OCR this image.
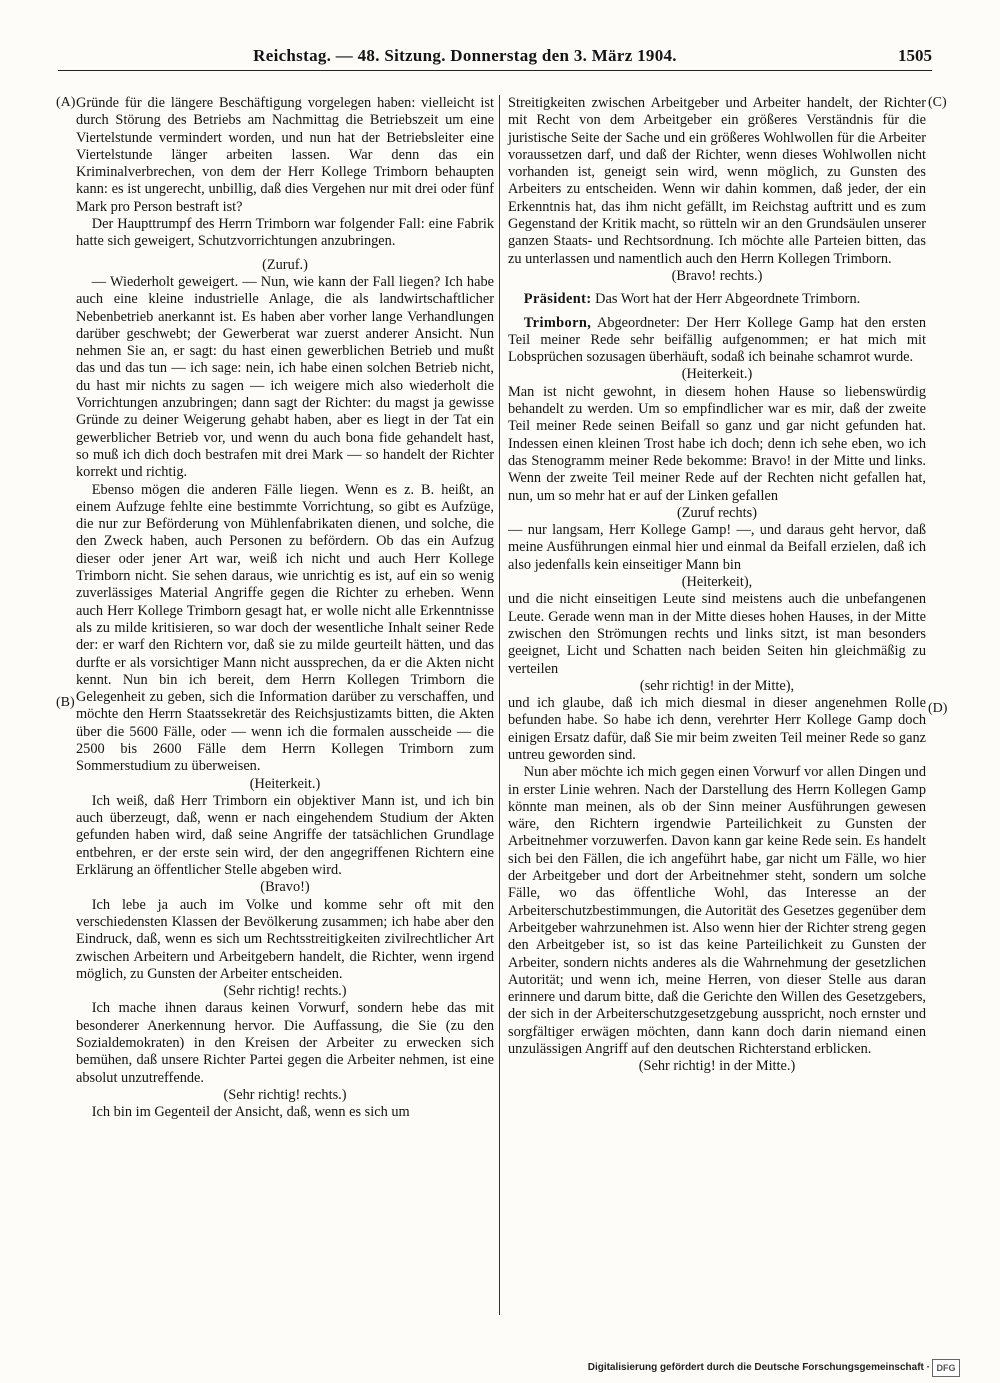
Reichstag. — 48. Sitzung. Donnerstag den 3. März 1904.	1505
(A)
(B)
(C)
(D)

Gründe für die längere Beschäftigung vorgelegen haben: vielleicht ist durch Störung des Betriebs am Nachmittag die Betriebszeit um eine Viertelstunde vermindert worden, und nun hat der Betriebsleiter eine Viertelstunde länger arbeiten lassen. War denn das ein Kriminalverbrechen, von dem der Herr Kollege Trimborn behaupten kann: es ist ungerecht, unbillig, daß dies Vergehen nur mit drei oder fünf Mark pro Person bestraft ist?

Der Haupttrumpf des Herrn Trimborn war folgender Fall: eine Fabrik hatte sich geweigert, Schutzvorrichtungen anzubringen.

(Zuruf.)

— Wiederholt geweigert. — Nun, wie kann der Fall liegen? Ich habe auch eine kleine industrielle Anlage, die als landwirtschaftlicher Nebenbetrieb anerkannt ist. Es haben aber vorher lange Verhandlungen darüber geschwebt; der Gewerberat war zuerst anderer Ansicht. Nun nehmen Sie an, er sagt: du hast einen gewerblichen Betrieb und mußt das und das tun — ich sage: nein, ich habe einen solchen Betrieb nicht, du hast mir nichts zu sagen — ich weigere mich also wiederholt die Vorrichtungen anzubringen; dann sagt der Richter: du magst ja gewisse Gründe zu deiner Weigerung gehabt haben, aber es liegt in der Tat ein gewerblicher Betrieb vor, und wenn du auch bona fide gehandelt hast, so muß ich dich doch bestrafen mit drei Mark — so handelt der Richter korrekt und richtig.

Ebenso mögen die anderen Fälle liegen. Wenn es z. B. heißt, an einem Aufzuge fehlte eine bestimmte Vorrichtung, so gibt es Aufzüge, die nur zur Beförderung von Mühlenfabrikaten dienen, und solche, die den Zweck haben, auch Personen zu befördern. Ob das ein Aufzug dieser oder jener Art war, weiß ich nicht und auch Herr Kollege Trimborn nicht. Sie sehen daraus, wie unrichtig es ist, auf ein so wenig zuverlässiges Material Angriffe gegen die Richter zu erheben. Wenn auch Herr Kollege Trimborn gesagt hat, er wolle nicht alle Erkenntnisse als zu milde kritisieren, so war doch der wesentliche Inhalt seiner Rede der: er warf den Richtern vor, daß sie zu milde geurteilt hätten, und das durfte er als vorsichtiger Mann nicht aussprechen, da er die Akten nicht kennt. Nun bin ich bereit, dem Herrn Kollegen Trimborn die Gelegenheit zu geben, sich die Information darüber zu verschaffen, und möchte den Herrn Staatssekretär des Reichsjustizamts bitten, die Akten über die 5600 Fälle, oder — wenn ich die formalen ausscheide — die 2500 bis 2600 Fälle dem Herrn Kollegen Trimborn zum Sommerstudium zu überweisen.

(Heiterkeit.)

Ich weiß, daß Herr Trimborn ein objektiver Mann ist, und ich bin auch überzeugt, daß, wenn er nach eingehendem Studium der Akten gefunden haben wird, daß seine Angriffe der tatsächlichen Grundlage entbehren, er der erste sein wird, der den angegriffenen Richtern eine Erklärung an öffentlicher Stelle abgeben wird.

(Bravo!)

Ich lebe ja auch im Volke und komme sehr oft mit den verschiedensten Klassen der Bevölkerung zusammen; ich habe aber den Eindruck, daß, wenn es sich um Rechtsstreitigkeiten zivilrechtlicher Art zwischen Arbeitern und Arbeitgebern handelt, die Richter, wenn irgend möglich, zu Gunsten der Arbeiter entscheiden.

(Sehr richtig! rechts.)

Ich mache ihnen daraus keinen Vorwurf, sondern hebe das mit besonderer Anerkennung hervor. Die Auffassung, die Sie (zu den Sozialdemokraten) in den Kreisen der Arbeiter zu erwecken sich bemühen, daß unsere Richter Partei gegen die Arbeiter nehmen, ist eine absolut unzutreffende.

(Sehr richtig! rechts.)

Ich bin im Gegenteil der Ansicht, daß, wenn es sich um

Streitigkeiten zwischen Arbeitgeber und Arbeiter handelt, der Richter mit Recht von dem Arbeitgeber ein größeres Verständnis für die juristische Seite der Sache und ein größeres Wohlwollen für die Arbeiter voraussetzen darf, und daß der Richter, wenn dieses Wohlwollen nicht vorhanden ist, geneigt sein wird, wenn möglich, zu Gunsten des Arbeiters zu entscheiden. Wenn wir dahin kommen, daß jeder, der ein Erkenntnis hat, das ihm nicht gefällt, im Reichstag auftritt und es zum Gegenstand der Kritik macht, so rütteln wir an den Grundsäulen unserer ganzen Staats- und Rechtsordnung. Ich möchte alle Parteien bitten, das zu unterlassen und namentlich auch den Herrn Kollegen Trimborn.

(Bravo! rechts.)

Präsident: Das Wort hat der Herr Abgeordnete Trimborn.

Trimborn, Abgeordneter: Der Herr Kollege Gamp hat den ersten Teil meiner Rede sehr beifällig aufgenommen; er hat mich mit Lobsprüchen sozusagen überhäuft, sodaß ich beinahe schamrot wurde.

(Heiterkeit.)

Man ist nicht gewohnt, in diesem hohen Hause so liebenswürdig behandelt zu werden. Um so empfindlicher war es mir, daß der zweite Teil meiner Rede seinen Beifall so ganz und gar nicht gefunden hat. Indessen einen kleinen Trost habe ich doch; denn ich sehe eben, wo ich das Stenogramm meiner Rede bekomme: Bravo! in der Mitte und links. Wenn der zweite Teil meiner Rede auf der Rechten nicht gefallen hat, nun, um so mehr hat er auf der Linken gefallen

(Zuruf rechts)

— nur langsam, Herr Kollege Gamp! —, und daraus geht hervor, daß meine Ausführungen einmal hier und einmal da Beifall erzielen, daß ich also jedenfalls kein einseitiger Mann bin

(Heiterkeit),

und die nicht einseitigen Leute sind meistens auch die unbefangenen Leute. Gerade wenn man in der Mitte dieses hohen Hauses, in der Mitte zwischen den Strömungen rechts und links sitzt, ist man besonders geeignet, Licht und Schatten nach beiden Seiten hin gleichmäßig zu verteilen

(sehr richtig! in der Mitte),

und ich glaube, daß ich mich diesmal in dieser angenehmen Rolle befunden habe. So habe ich denn, verehrter Herr Kollege Gamp doch einigen Ersatz dafür, daß Sie mir beim zweiten Teil meiner Rede so ganz untreu geworden sind.

Nun aber möchte ich mich gegen einen Vorwurf vor allen Dingen und in erster Linie wehren. Nach der Darstellung des Herrn Kollegen Gamp könnte man meinen, als ob der Sinn meiner Ausführungen gewesen wäre, den Richtern irgendwie Parteilichkeit zu Gunsten der Arbeitnehmer vorzuwerfen. Davon kann gar keine Rede sein. Es handelt sich bei den Fällen, die ich angeführt habe, gar nicht um Fälle, wo hier der Arbeitgeber und dort der Arbeitnehmer steht, sondern um solche Fälle, wo das öffentliche Wohl, das Interesse an der Arbeiterschutzbestimmungen, die Autorität des Gesetzes gegenüber dem Arbeitgeber wahrzunehmen ist. Also wenn hier der Richter streng gegen den Arbeitgeber ist, so ist das keine Parteilichkeit zu Gunsten der Arbeiter, sondern nichts anderes als die Wahrnehmung der gesetzlichen Autorität; und wenn ich, meine Herren, von dieser Stelle aus daran erinnere und darum bitte, daß die Gerichte den Willen des Gesetzgebers, der sich in der Arbeiterschutzgesetzgebung ausspricht, noch ernster und sorgfältiger erwägen möchten, dann kann doch darin niemand einen unzulässigen Angriff auf den deutschen Richterstand erblicken.

(Sehr richtig! in der Mitte.)

Digitalisierung gefördert durch die Deutsche Forschungsgemeinschaft · DFG
